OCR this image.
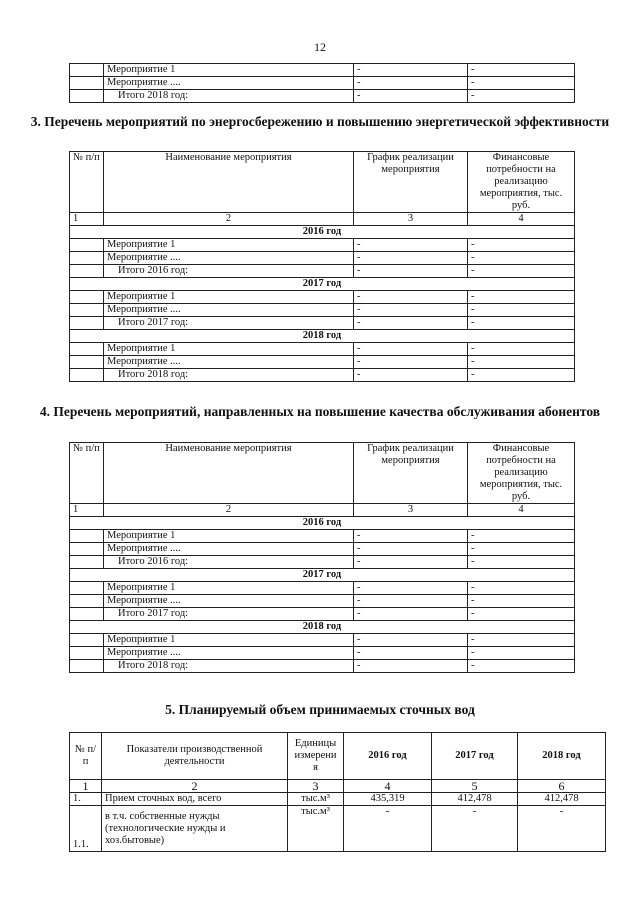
12
	Мероприятие 1	-	-
	Мероприятие ....	-	-
	Итого 2018 год:	-	-
3. Перечень мероприятий по энергосбережению и повышению энергетической эффективности
№ п/п	Наименование мероприятия	График реализации мероприятия	Финансовые потребности на реализацию мероприятия, тыс. руб.
1	2	3	4
2016 год			
	Мероприятие 1	-	-
	Мероприятие ....	-	-
	Итого 2016 год:	-	-
2017 год			
	Мероприятие 1	-	-
	Мероприятие ....	-	-
	Итого 2017 год:	-	-
2018 год			
	Мероприятие 1	-	-
	Мероприятие ....	-	-
	Итого 2018 год:	-	-
4. Перечень мероприятий, направленных на повышение качества обслуживания абонентов
№ п/п	Наименование мероприятия	График реализации мероприятия	Финансовые потребности на реализацию мероприятия, тыс. руб.
1	2	3	4
2016 год			
	Мероприятие 1	-	-
	Мероприятие ....	-	-
	Итого 2016 год:	-	-
2017 год			
	Мероприятие 1	-	-
	Мероприятие ....	-	-
	Итого 2017 год:	-	-
2018 год			
	Мероприятие 1	-	-
	Мероприятие ....	-	-
	Итого 2018 год:	-	-
5. Планируемый объем принимаемых сточных вод
№ п/п	Показатели производственной деятельности	Единицы измерени я	2016 год	2017 год	2018 год
1	2	3	4	5	6
1.	Прием сточных вод, всего	тыс.м³	435,319	412,478	412,478
1.1.	в т.ч. собственные нужды (технологические нужды и хоз.бытовые)	тыс.м³	-	-	-
